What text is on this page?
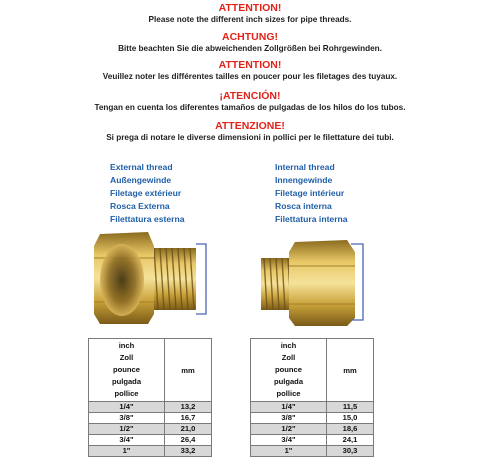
ATTENTION!
Please note the different inch sizes for pipe threads.
ACHTUNG!
Bitte beachten Sie die abweichenden Zollgrößen bei Rohrgewinden.
ATTENTION!
Veuillez noter les différentes tailles en poucer pour les filetages des tuyaux.
¡ATENCIÓN!
Tengan en cuenta los diferentes tamaños de pulgadas de los hilos do los tubos.
ATTENZIONE!
Si prega di notare le diverse dimensioni in pollici per le filettature dei tubi.
External thread
Außengewinde
Filetage extérieur
Rosca Externa
Filettatura esterna
Internal thread
Innengewinde
Filetage intérieur
Rosca interna
Filettatura interna
inch
Zoll
pounce
pulgada
pollice	mm
1/4"	13,2
3/8"	16,7
1/2"	21,0
3/4"	26,4
1"	33,2
inch
Zoll
pounce
pulgada
pollice	mm
1/4"	11,5
3/8"	15,0
1/2"	18,6
3/4"	24,1
1"	30,3
